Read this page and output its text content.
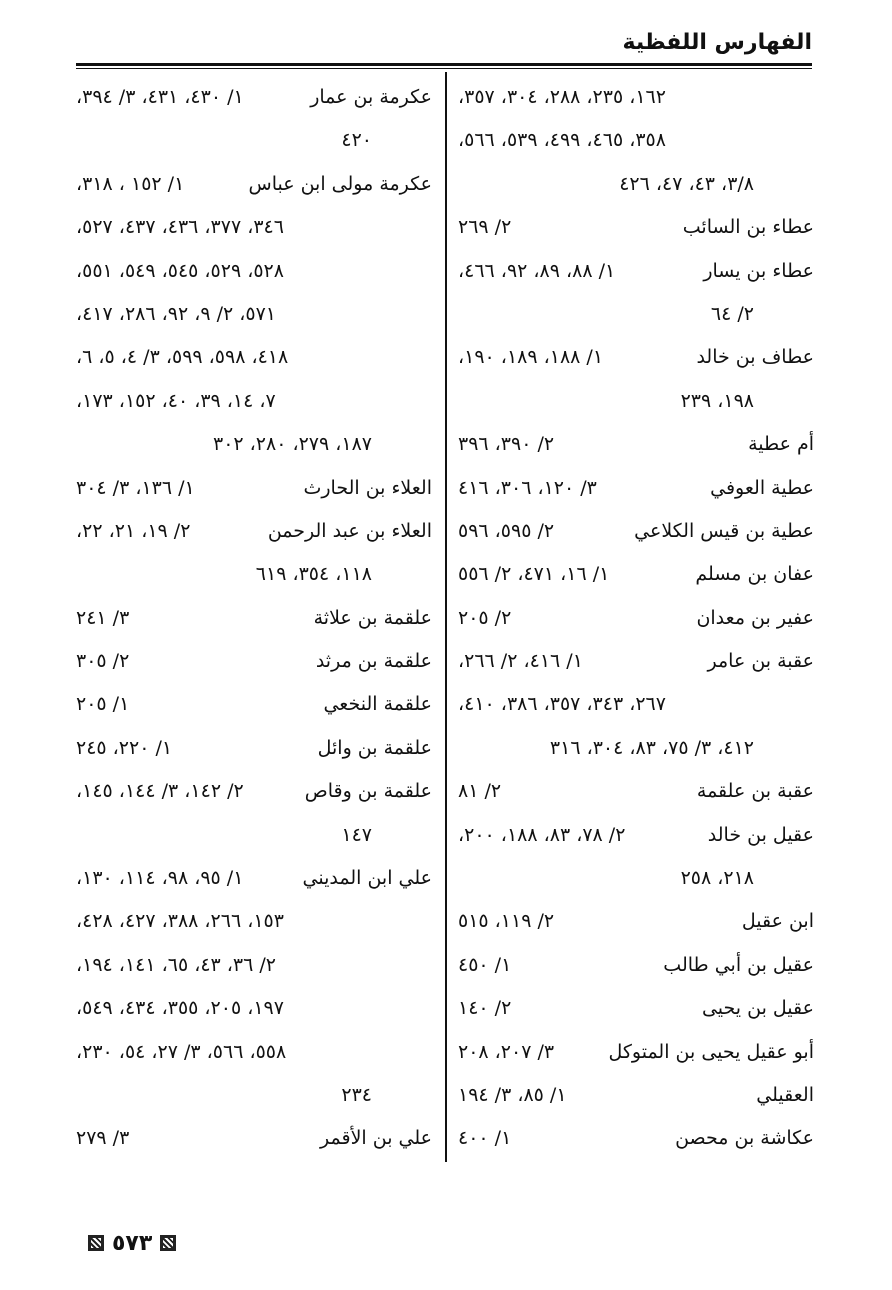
الفهارس اللفظية
١٦٢، ٢٣٥، ٢٨٨، ٣٠٤، ٣٥٧،
٣٥٨، ٤٦٥، ٤٩٩، ٥٣٩، ٥٦٦،
٣/٨، ٤٣، ٤٧، ٤٢٦
عطاء بن السائب
٢/ ٢٦٩
عطاء بن يسار
١/ ٨٨، ٨٩، ٩٢، ٤٦٦،
٢/ ٦٤
عطاف بن خالد
١/ ١٨٨، ١٨٩، ١٩٠،
١٩٨، ٢٣٩
أم عطية
٢/ ٣٩٠، ٣٩٦
عطية العوفي
٣/ ١٢٠، ٣٠٦، ٤١٦
عطية بن قيس الكلاعي
٢/ ٥٩٥، ٥٩٦
عفان بن مسلم
١/ ١٦، ٤٧١، ٢/ ٥٥٦
عفير بن معدان
٢/ ٢٠٥
عقبة بن عامر
١/ ٤١٦، ٢/ ٢٦٦،
٢٦٧، ٣٤٣، ٣٥٧، ٣٨٦، ٤١٠،
٤١٢، ٣/ ٧٥، ٨٣، ٣٠٤، ٣١٦
عقبة بن علقمة
٢/ ٨١
عقيل بن خالد
٢/ ٧٨، ٨٣، ١٨٨، ٢٠٠،
٢١٨، ٢٥٨
ابن عقيل
٢/ ١١٩، ٥١٥
عقيل بن أبي طالب
١/ ٤٥٠
عقيل بن يحيى
٢/ ١٤٠
أبو عقيل يحيى بن المتوكل
٣/ ٢٠٧، ٢٠٨
العقيلي
١/ ٨٥، ٣/ ١٩٤
عكاشة بن محصن
١/ ٤٠٠
عكرمة بن عمار
١/ ٤٣٠، ٤٣١، ٣/ ٣٩٤،
٤٢٠
عكرمة مولى ابن عباس
١/ ١٥٢ ، ٣١٨،
٣٤٦، ٣٧٧، ٤٣٦، ٤٣٧، ٥٢٧،
٥٢٨، ٥٢٩، ٥٤٥، ٥٤٩، ٥٥١،
٥٧١، ٢/ ٩، ٩٢، ٢٨٦، ٤١٧،
٤١٨، ٥٩٨، ٥٩٩، ٣/ ٤، ٥، ٦،
٧، ١٤، ٣٩، ٤٠، ١٥٢، ١٧٣،
١٨٧، ٢٧٩، ٢٨٠، ٣٠٢
العلاء بن الحارث
١/ ١٣٦، ٣/ ٣٠٤
العلاء بن عبد الرحمن
٢/ ١٩، ٢١، ٢٢،
١١٨، ٣٥٤، ٦١٩
علقمة بن علاثة
٣/ ٢٤١
علقمة بن مرثد
٢/ ٣٠٥
علقمة النخعي
١/ ٢٠٥
علقمة بن وائل
١/ ٢٢٠، ٢٤٥
علقمة بن وقاص
٢/ ١٤٢، ٣/ ١٤٤، ١٤٥،
١٤٧
علي ابن المديني
١/ ٩٥، ٩٨، ١١٤، ١٣٠،
١٥٣، ٢٦٦، ٣٨٨، ٤٢٧، ٤٢٨،
٢/ ٣٦، ٤٣، ٦٥، ١٤١، ١٩٤،
١٩٧، ٢٠٥، ٣٥٥، ٤٣٤، ٥٤٩،
٥٥٨، ٥٦٦، ٣/ ٢٧، ٥٤، ٢٣٠،
٢٣٤
علي بن الأقمر
٣/ ٢٧٩
٥٧٣
